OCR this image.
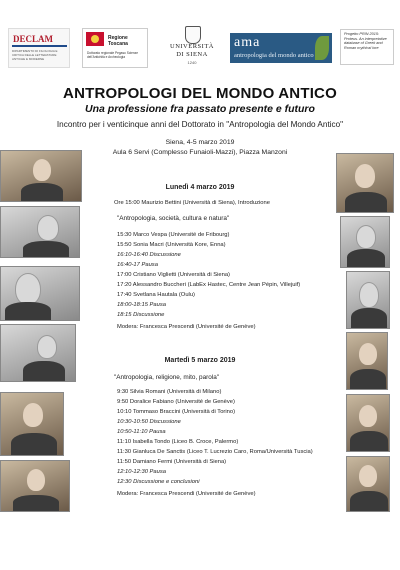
DECLAM
DIPARTIMENTO DI FILOLOGIA E CRITICA DELLE LETTERATURE ANTICHE E MODERNE
Regione Toscana
Dottorato regionale Pegaso Scienze dell'Antichità e Archeologia
UNIVERSITÀ DI SIENA
1240
ama
antropologia del mondo antico
Progetto PRIN 2015: Proteus. An interpretative database of Greek and Roman mythical lore
ANTROPOLOGI DEL MONDO ANTICO
Una professione fra passato presente e futuro
Incontro per i venticinque anni del Dottorato in "Antropologia del Mondo Antico"
Siena, 4-5 marzo 2019
Aula 6 Servi (Complesso Funaioli-Mazzi), Piazza Manzoni
Lunedì 4 marzo 2019
Ore 15:00 Maurizio Bettini (Università di Siena), Introduzione
"Antropologia, società, cultura e natura"
15:30 Marco Vespa (Université de Fribourg)
15:50 Sonia Macri (Università Kore, Enna)
16:10-16:40 Discussione
16:40-17 Pausa
17:00 Cristiano Viglietti (Università di Siena)
17:20 Alessandro Buccheri (LabEx Hastec, Centre Jean Pépin, Villejuif)
17:40 Svetlana Hautala (Oulu)
18:00-18:15 Pausa
18:15 Discussione
Modera: Francesca Prescendi (Université de Genève)
Martedì 5 marzo 2019
"Antropologia, religione, mito, parola"
9:30 Silvia Romani (Università di Milano)
9:50 Doralice Fabiano (Université de Genève)
10:10 Tommaso Braccini (Università di Torino)
10:30-10:50 Discussione
10:50-11:10 Pausa
11:10 Isabella Tondo (Liceo B. Croce, Palermo)
11:30 Gianluca De Sanctis (Liceo T. Lucrezio Caro, Roma/Università Tuscia)
11:50 Damiano Fermi (Università di Siena)
12:10-12:30 Pausa
12:30 Discussione e conclusioni
Modera: Francesca Prescendi (Université de Genève)
